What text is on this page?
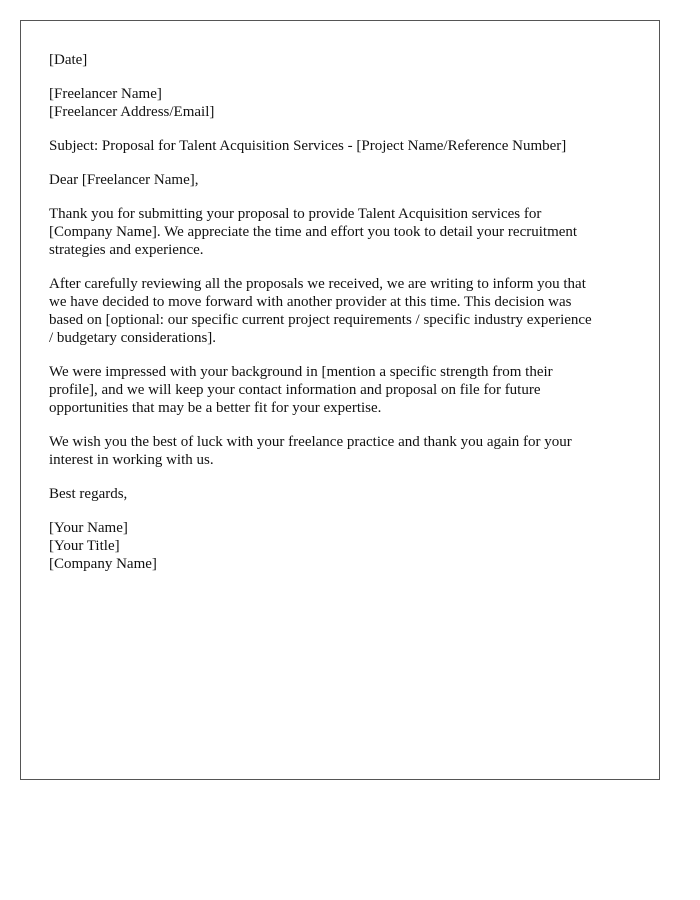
[Date]

[Freelancer Name]
[Freelancer Address/Email]

Subject: Proposal for Talent Acquisition Services - [Project Name/Reference Number]

Dear [Freelancer Name],

Thank you for submitting your proposal to provide Talent Acquisition services for
[Company Name]. We appreciate the time and effort you took to detail your recruitment
strategies and experience.

After carefully reviewing all the proposals we received, we are writing to inform you that
we have decided to move forward with another provider at this time. This decision was
based on [optional: our specific current project requirements / specific industry experience
/ budgetary considerations].

We were impressed with your background in [mention a specific strength from their
profile], and we will keep your contact information and proposal on file for future
opportunities that may be a better fit for your expertise.

We wish you the best of luck with your freelance practice and thank you again for your
interest in working with us.

Best regards,

[Your Name]
[Your Title]
[Company Name]
